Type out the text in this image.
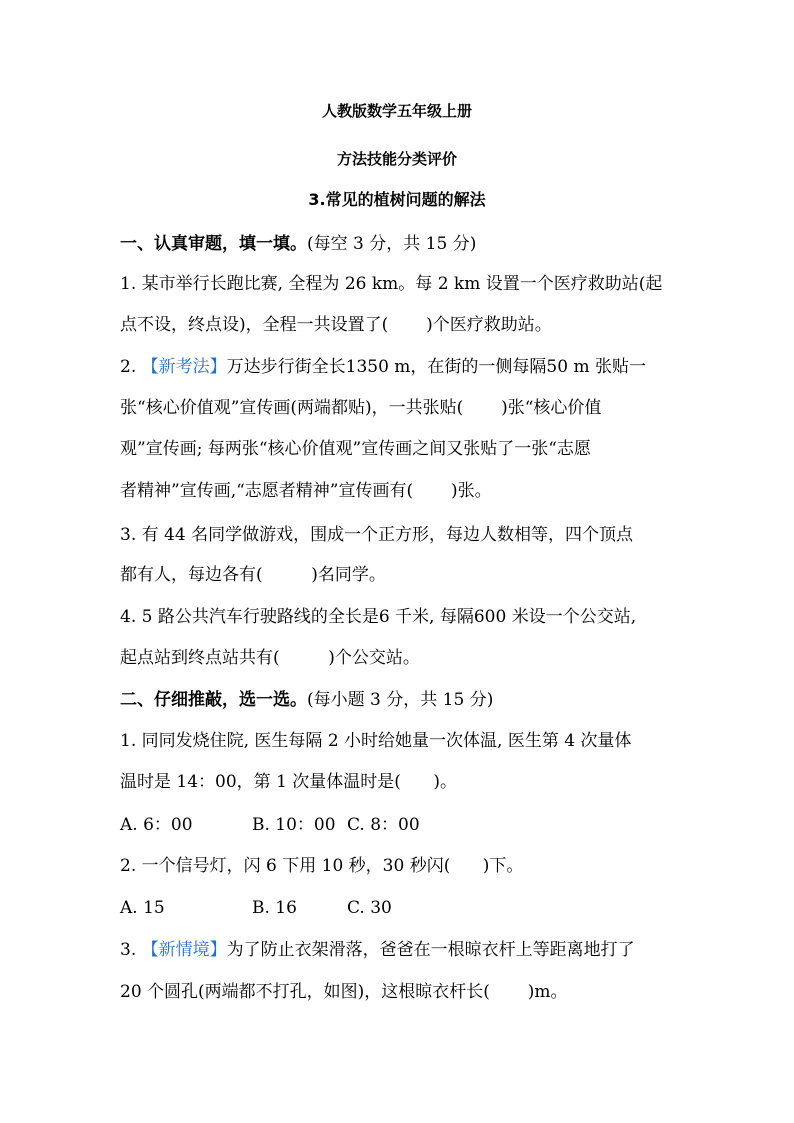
人教版数学五年级上册
方法技能分类评价
3.常见的植树问题的解法
一、认真审题，填一填。(每空 3 分，共 15 分)
1. 某市举行长跑比赛, 全程为 26 km。每 2 km 设置一个医疗救助站(起
点不设，终点设)，全程一共设置了( )个医疗救助站。
2. 【新考法】万达步行街全长1350 m，在街的一侧每隔50 m 张贴一
张“核心价值观”宣传画(两端都贴)，一共张贴( )张“核心价值
观”宣传画; 每两张“核心价值观”宣传画之间又张贴了一张“志愿
者精神”宣传画,“志愿者精神”宣传画有( )张。
3. 有 44 名同学做游戏，围成一个正方形，每边人数相等，四个顶点
都有人，每边各有(	)名同学。
4. 5 路公共汽车行驶路线的全长是6 千米, 每隔600 米设一个公交站,
起点站到终点站共有(	)个公交站。
二、仔细推敲，选一选。(每小题 3 分，共 15 分)
1. 同同发烧住院, 医生每隔 2 小时给她量一次体温, 医生第 4 次量体
温时是 14：00，第 1 次量体温时是( )。
A. 6：00	B. 10：00 C. 8：00
2. 一个信号灯，闪 6 下用 10 秒，30 秒闪( )下。
A. 15	B. 16	C. 30
3. 【新情境】为了防止衣架滑落，爸爸在一根晾衣杆上等距离地打了
20 个圆孔(两端都不打孔，如图)，这根晾衣杆长( )m。
